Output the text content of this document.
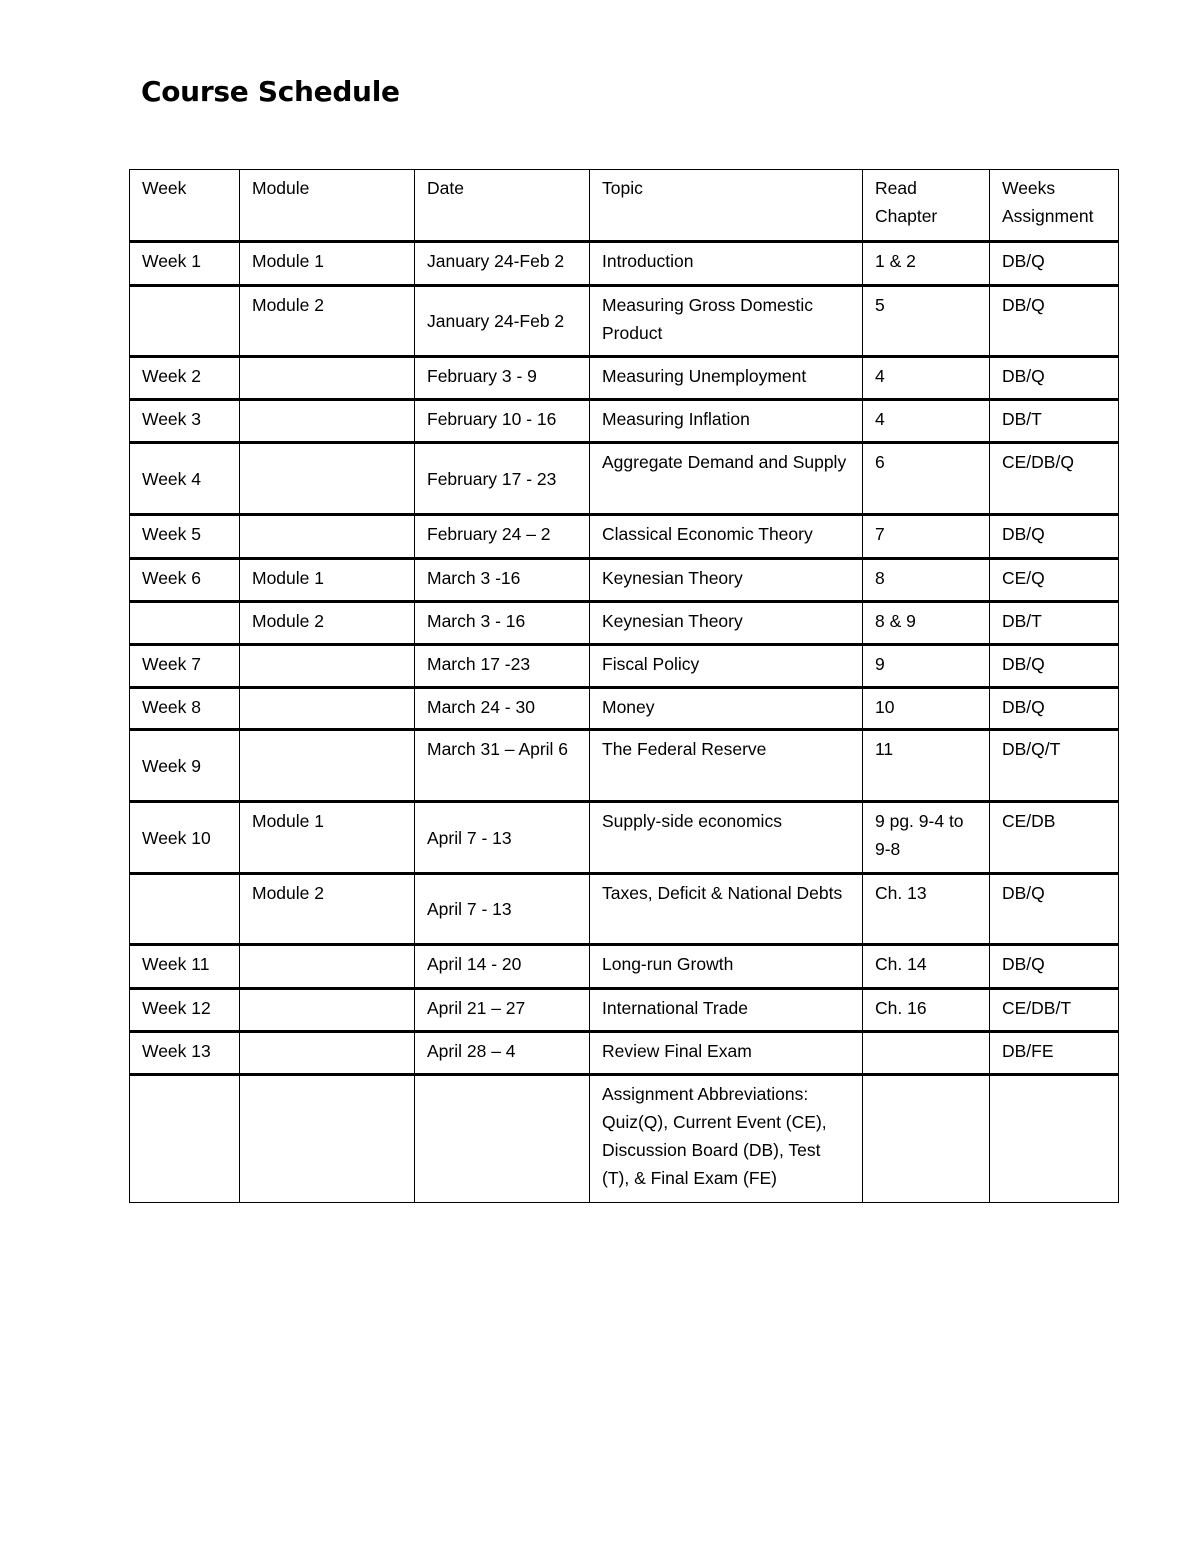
Course Schedule
Week	Module	Date	Topic	Read Chapter	Weeks Assignment
Week 1	Module 1	January 24-Feb 2	Introduction	1 & 2	DB/Q
	Module 2	January 24-Feb 2	Measuring Gross Domestic Product	5	DB/Q
Week 2		February 3 - 9	Measuring Unemployment	4	DB/Q
Week 3		February 10 - 16	Measuring Inflation	4	DB/T
Week 4		February 17 - 23	Aggregate Demand and Supply	6	CE/DB/Q
Week 5		February 24 – 2	Classical Economic Theory	7	DB/Q
Week 6	Module 1	March 3 -16	Keynesian Theory	8	CE/Q
	Module 2	March 3 - 16	Keynesian Theory	8 & 9	DB/T
Week 7		March 17 -23	Fiscal Policy	9	DB/Q
Week 8		March 24 - 30	Money	10	DB/Q
Week 9		March 31 – April 6	The Federal Reserve	11	DB/Q/T
Week 10	Module 1	April 7 - 13	Supply-side economics	9 pg. 9-4 to 9-8	CE/DB
	Module 2	April 7 - 13	Taxes, Deficit & National Debts	Ch. 13	DB/Q
Week 11		April 14 - 20	Long-run Growth	Ch. 14	DB/Q
Week 12		April 21 – 27	International Trade	Ch. 16	CE/DB/T
Week 13		April 28 – 4	Review Final Exam		DB/FE
			Assignment Abbreviations: Quiz(Q), Current Event (CE), Discussion Board (DB), Test (T), & Final Exam (FE)		
